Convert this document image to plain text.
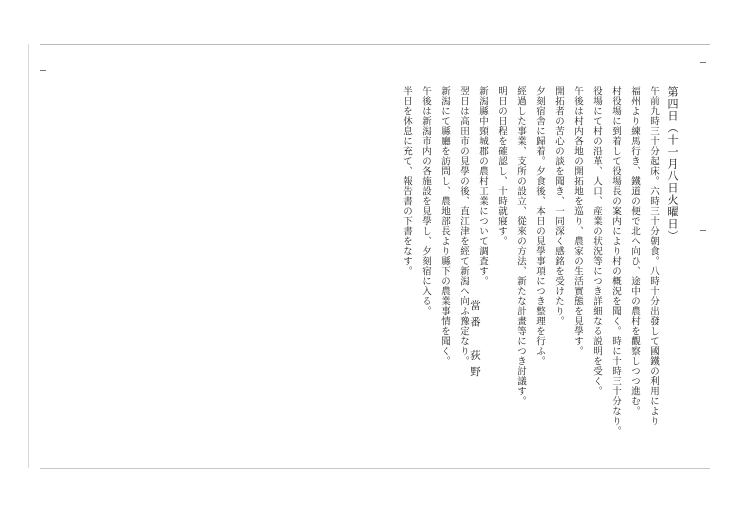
第四日（十一月八日火曜日）
午前九時三十分起床。六時三十分朝食。八時十分出發して國鐵の利用により
福州より練馬行き、鐵道の便で北へ向ひ、途中の農村を觀察しつつ進む。
村役場に到着して役場長の案内により村の概況を聞く。時に十時三十分なり。
役場にて村の沿革、人口、産業の状況等につき詳細なる説明を受く。
午後は村内各地の開拓地を巡り、農家の生活實態を見學す。
開拓者の苦心の談を聞き、一同深く感銘を受けたり。
夕刻宿舎に歸着。夕食後、本日の見學事項につき整理を行ふ。
經過した事業、支所の設立、從來の方法、新たな計畫等につき討議す。
明日の日程を確認し、十時就寢す。
新潟縣中頸城郡の農村工業について調査す。
翌日は高田市の見學の後、直江津を經て新潟へ向ふ豫定なり。
新潟にて縣廳を訪問し、農地部長より縣下の農業事情を聞く。
午後は新潟市内の各施設を見學し、夕刻宿に入る。
半日を休息に充て、報告書の下書をなす。
當番　荻野
